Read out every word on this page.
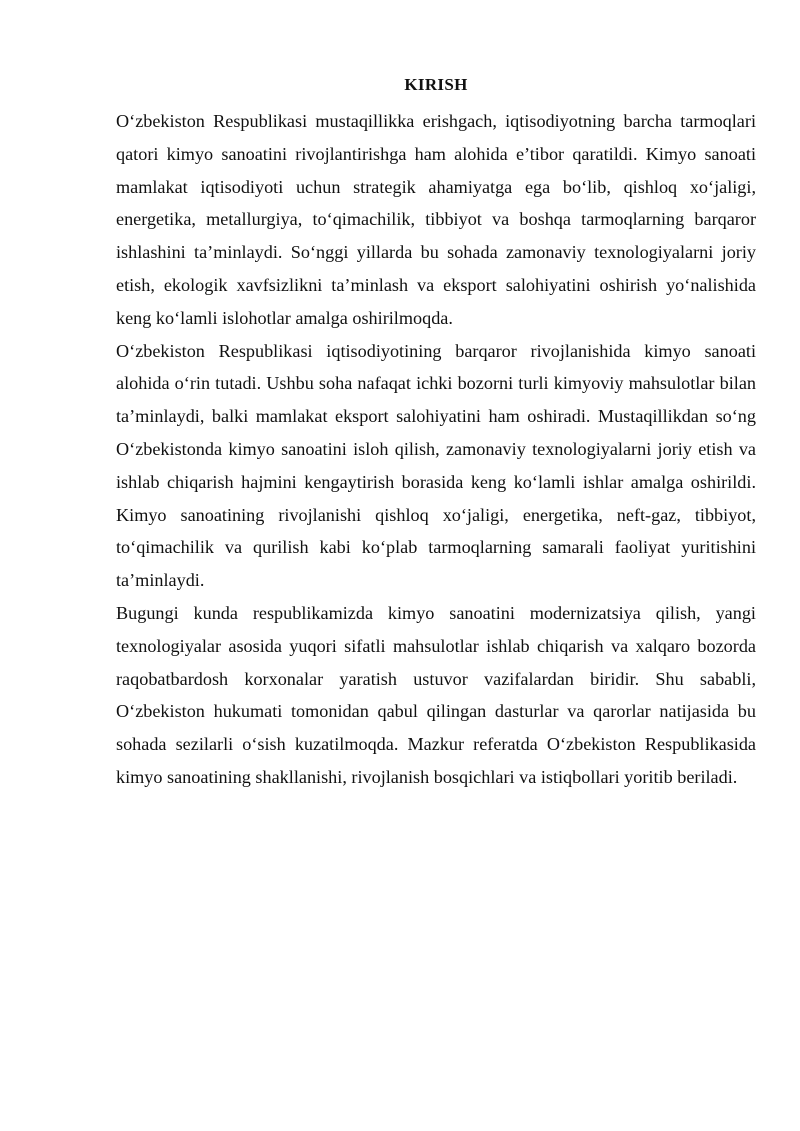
KIRISH

O‘zbekiston Respublikasi mustaqillikka erishgach, iqtisodiyotning barcha tarmoqlari qatori kimyo sanoatini rivojlantirishga ham alohida e’tibor qaratildi. Kimyo sanoati mamlakat iqtisodiyoti uchun strategik ahamiyatga ega bo‘lib, qishloq xo‘jaligi, energetika, metallurgiya, to‘qimachilik, tibbiyot va boshqa tarmoqlarning barqaror ishlashini ta’minlaydi. So‘nggi yillarda bu sohada zamonaviy texnologiyalarni joriy etish, ekologik xavfsizlikni ta’minlash va eksport salohiyatini oshirish yo‘nalishida keng ko‘lamli islohotlar amalga oshirilmoqda.

O‘zbekiston Respublikasi iqtisodiyotining barqaror rivojlanishida kimyo sanoati alohida o‘rin tutadi. Ushbu soha nafaqat ichki bozorni turli kimyoviy mahsulotlar bilan ta’minlaydi, balki mamlakat eksport salohiyatini ham oshiradi. Mustaqillikdan so‘ng O‘zbekistonda kimyo sanoatini isloh qilish, zamonaviy texnologiyalarni joriy etish va ishlab chiqarish hajmini kengaytirish borasida keng ko‘lamli ishlar amalga oshirildi. Kimyo sanoatining rivojlanishi qishloq xo‘jaligi, energetika, neft-gaz, tibbiyot, to‘qimachilik va qurilish kabi ko‘plab tarmoqlarning samarali faoliyat yuritishini ta’minlaydi.

Bugungi kunda respublikamizda kimyo sanoatini modernizatsiya qilish, yangi texnologiyalar asosida yuqori sifatli mahsulotlar ishlab chiqarish va xalqaro bozorda raqobatbardosh korxonalar yaratish ustuvor vazifalardan biridir. Shu sababli, O‘zbekiston hukumati tomonidan qabul qilingan dasturlar va qarorlar natijasida bu sohada sezilarli o‘sish kuzatilmoqda. Mazkur referatda O‘zbekiston Respublikasida kimyo sanoatining shakllanishi, rivojlanish bosqichlari va istiqbollari yoritib beriladi.
